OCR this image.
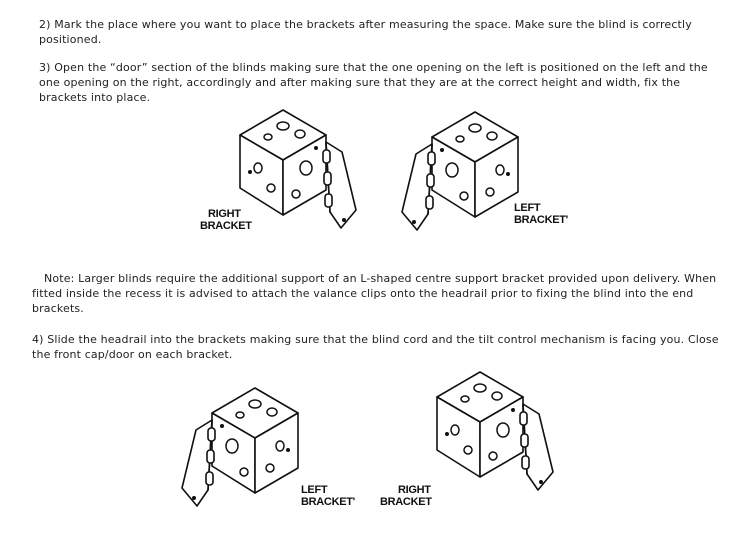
2) Mark the place where you want to place the brackets after measuring the space. Make sure the blind is correctly positioned.

3) Open the “door” section of the blinds making sure that the one opening on the left is positioned on the left and the one opening on the right, accordingly and after making sure that they are at the correct height and width, fix the brackets into place.

RIGHT
BRACKET
LEFT
BRACKET'

Note: Larger blinds require the additional support of an L-shaped centre support bracket provided upon delivery. When fitted inside the recess it is advised to attach the valance clips onto the headrail prior to fixing the blind into the end brackets.

4) Slide the headrail into the brackets making sure that the blind cord and the tilt control mechanism is facing you. Close the front cap/door on each bracket.

LEFT
BRACKET'
RIGHT
BRACKET
